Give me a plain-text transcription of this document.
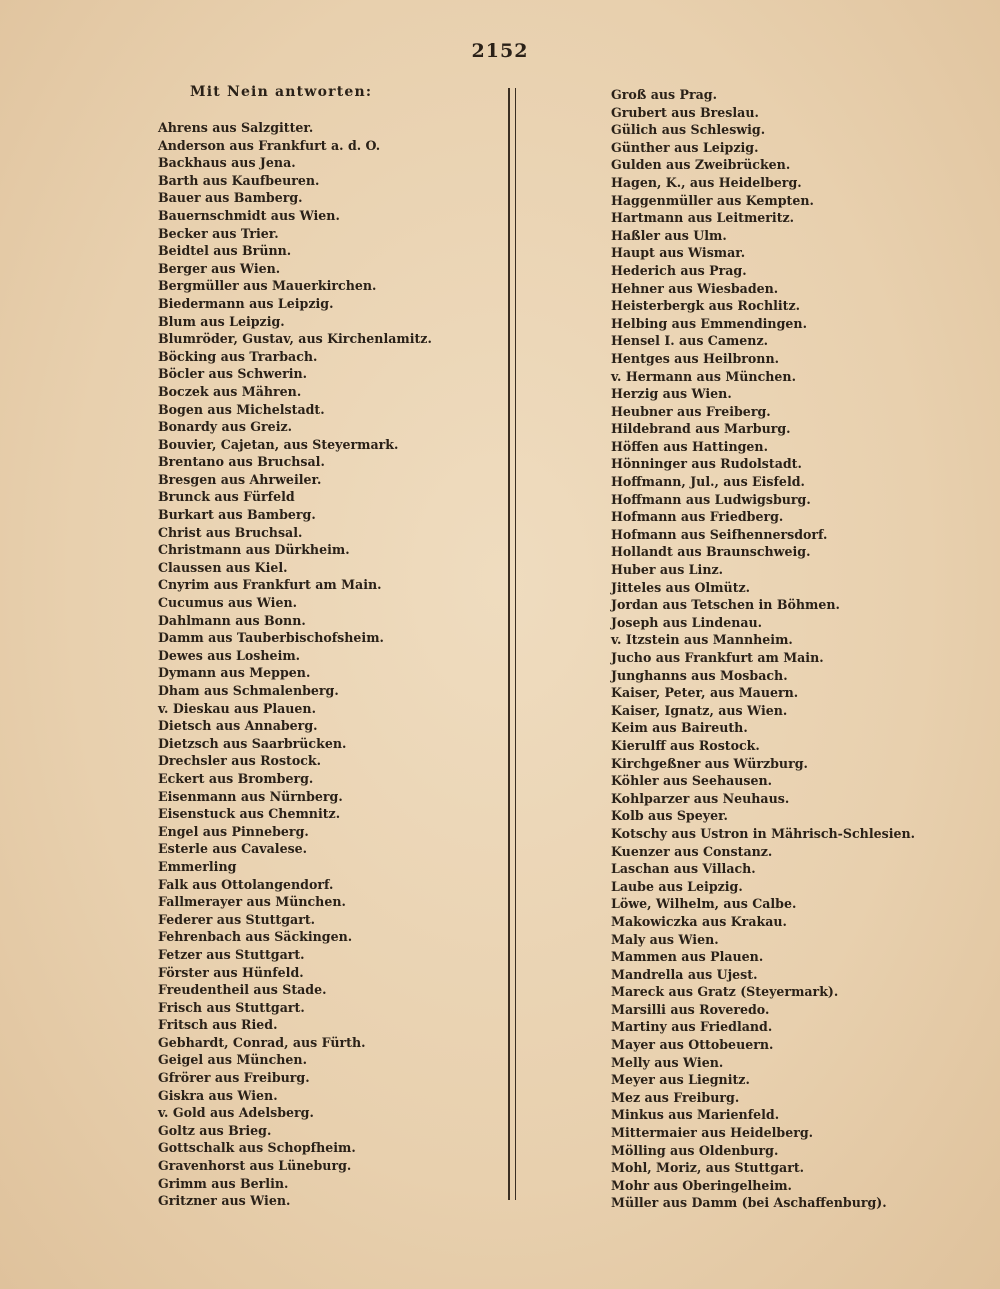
2152
Mit Nein antworten:
Ahrens aus Salzgitter.
Anderson aus Frankfurt a. d. O.
Backhaus aus Jena.
Barth aus Kaufbeuren.
Bauer aus Bamberg.
Bauernschmidt aus Wien.
Becker aus Trier.
Beidtel aus Brünn.
Berger aus Wien.
Bergmüller aus Mauerkirchen.
Biedermann aus Leipzig.
Blum aus Leipzig.
Blumröder, Gustav, aus Kirchenlamitz.
Böcking aus Trarbach.
Böcler aus Schwerin.
Boczek aus Mähren.
Bogen aus Michelstadt.
Bonardy aus Greiz.
Bouvier, Cajetan, aus Steyermark.
Brentano aus Bruchsal.
Bresgen aus Ahrweiler.
Brunck aus Fürfeld
Burkart aus Bamberg.
Christ aus Bruchsal.
Christmann aus Dürkheim.
Claussen aus Kiel.
Cnyrim aus Frankfurt am Main.
Cucumus aus Wien.
Dahlmann aus Bonn.
Damm aus Tauberbischofsheim.
Dewes aus Losheim.
Dymann aus Meppen.
Dham aus Schmalenberg.
v. Dieskau aus Plauen.
Dietsch aus Annaberg.
Dietzsch aus Saarbrücken.
Drechsler aus Rostock.
Eckert aus Bromberg.
Eisenmann aus Nürnberg.
Eisenstuck aus Chemnitz.
Engel aus Pinneberg.
Esterle aus Cavalese.
Emmerling
Falk aus Ottolangendorf.
Fallmerayer aus München.
Federer aus Stuttgart.
Fehrenbach aus Säckingen.
Fetzer aus Stuttgart.
Förster aus Hünfeld.
Freudentheil aus Stade.
Frisch aus Stuttgart.
Fritsch aus Ried.
Gebhardt, Conrad, aus Fürth.
Geigel aus München.
Gfrörer aus Freiburg.
Giskra aus Wien.
v. Gold aus Adelsberg.
Goltz aus Brieg.
Gottschalk aus Schopfheim.
Gravenhorst aus Lüneburg.
Grimm aus Berlin.
Gritzner aus Wien.
Groß aus Prag.
Grubert aus Breslau.
Gülich aus Schleswig.
Günther aus Leipzig.
Gulden aus Zweibrücken.
Hagen, K., aus Heidelberg.
Haggenmüller aus Kempten.
Hartmann aus Leitmeritz.
Haßler aus Ulm.
Haupt aus Wismar.
Hederich aus Prag.
Hehner aus Wiesbaden.
Heisterbergk aus Rochlitz.
Helbing aus Emmendingen.
Hensel I. aus Camenz.
Hentges aus Heilbronn.
v. Hermann aus München.
Herzig aus Wien.
Heubner aus Freiberg.
Hildebrand aus Marburg.
Höffen aus Hattingen.
Hönninger aus Rudolstadt.
Hoffmann, Jul., aus Eisfeld.
Hoffmann aus Ludwigsburg.
Hofmann aus Friedberg.
Hofmann aus Seifhennersdorf.
Hollandt aus Braunschweig.
Huber aus Linz.
Jitteles aus Olmütz.
Jordan aus Tetschen in Böhmen.
Joseph aus Lindenau.
v. Itzstein aus Mannheim.
Jucho aus Frankfurt am Main.
Junghanns aus Mosbach.
Kaiser, Peter, aus Mauern.
Kaiser, Ignatz, aus Wien.
Keim aus Baireuth.
Kierulff aus Rostock.
Kirchgeßner aus Würzburg.
Köhler aus Seehausen.
Kohlparzer aus Neuhaus.
Kolb aus Speyer.
Kotschy aus Ustron in Mährisch-Schlesien.
Kuenzer aus Constanz.
Laschan aus Villach.
Laube aus Leipzig.
Löwe, Wilhelm, aus Calbe.
Makowiczka aus Krakau.
Maly aus Wien.
Mammen aus Plauen.
Mandrella aus Ujest.
Mareck aus Gratz (Steyermark).
Marsilli aus Roveredo.
Martiny aus Friedland.
Mayer aus Ottobeuern.
Melly aus Wien.
Meyer aus Liegnitz.
Mez aus Freiburg.
Minkus aus Marienfeld.
Mittermaier aus Heidelberg.
Mölling aus Oldenburg.
Mohl, Moriz, aus Stuttgart.
Mohr aus Oberingelheim.
Müller aus Damm (bei Aschaffenburg).
